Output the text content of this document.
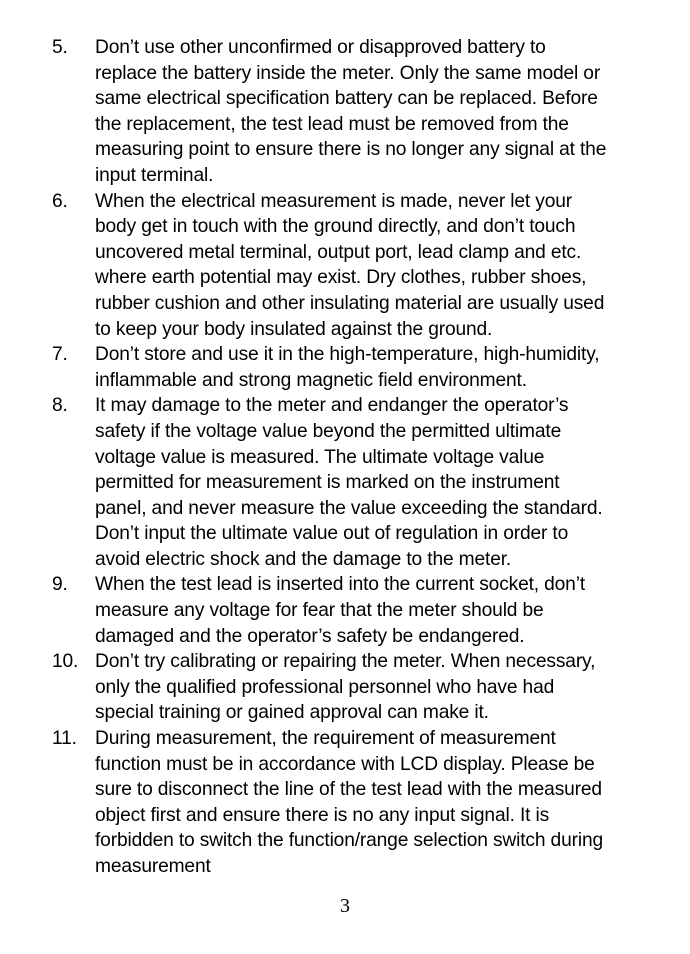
5. Don’t use other unconfirmed or disapproved battery to
replace the battery inside the meter. Only the same model or
same electrical specification battery can be replaced. Before
the replacement, the test lead must be removed from the
measuring point to ensure there is no longer any signal at the
input terminal.
6. When the electrical measurement is made, never let your
body get in touch with the ground directly, and don’t touch
uncovered metal terminal, output port, lead clamp and etc.
where earth potential may exist. Dry clothes, rubber shoes,
rubber cushion and other insulating material are usually used
to keep your body insulated against the ground.
7. Don’t store and use it in the high-temperature, high-humidity,
inflammable and strong magnetic field environment.
8. It may damage to the meter and endanger the operator’s
safety if the voltage value beyond the permitted ultimate
voltage value is measured. The ultimate voltage value
permitted for measurement is marked on the instrument
panel, and never measure the value exceeding the standard.
Don’t input the ultimate value out of regulation in order to
avoid electric shock and the damage to the meter.
9. When the test lead is inserted into the current socket, don’t
measure any voltage for fear that the meter should be
damaged and the operator’s safety be endangered.
10. Don’t try calibrating or repairing the meter. When necessary,
only the qualified professional personnel who have had
special training or gained approval can make it.
11. During measurement, the requirement of measurement
function must be in accordance with LCD display. Please be
sure to disconnect the line of the test lead with the measured
object first and ensure there is no any input signal. It is
forbidden to switch the function/range selection switch during
measurement
3
